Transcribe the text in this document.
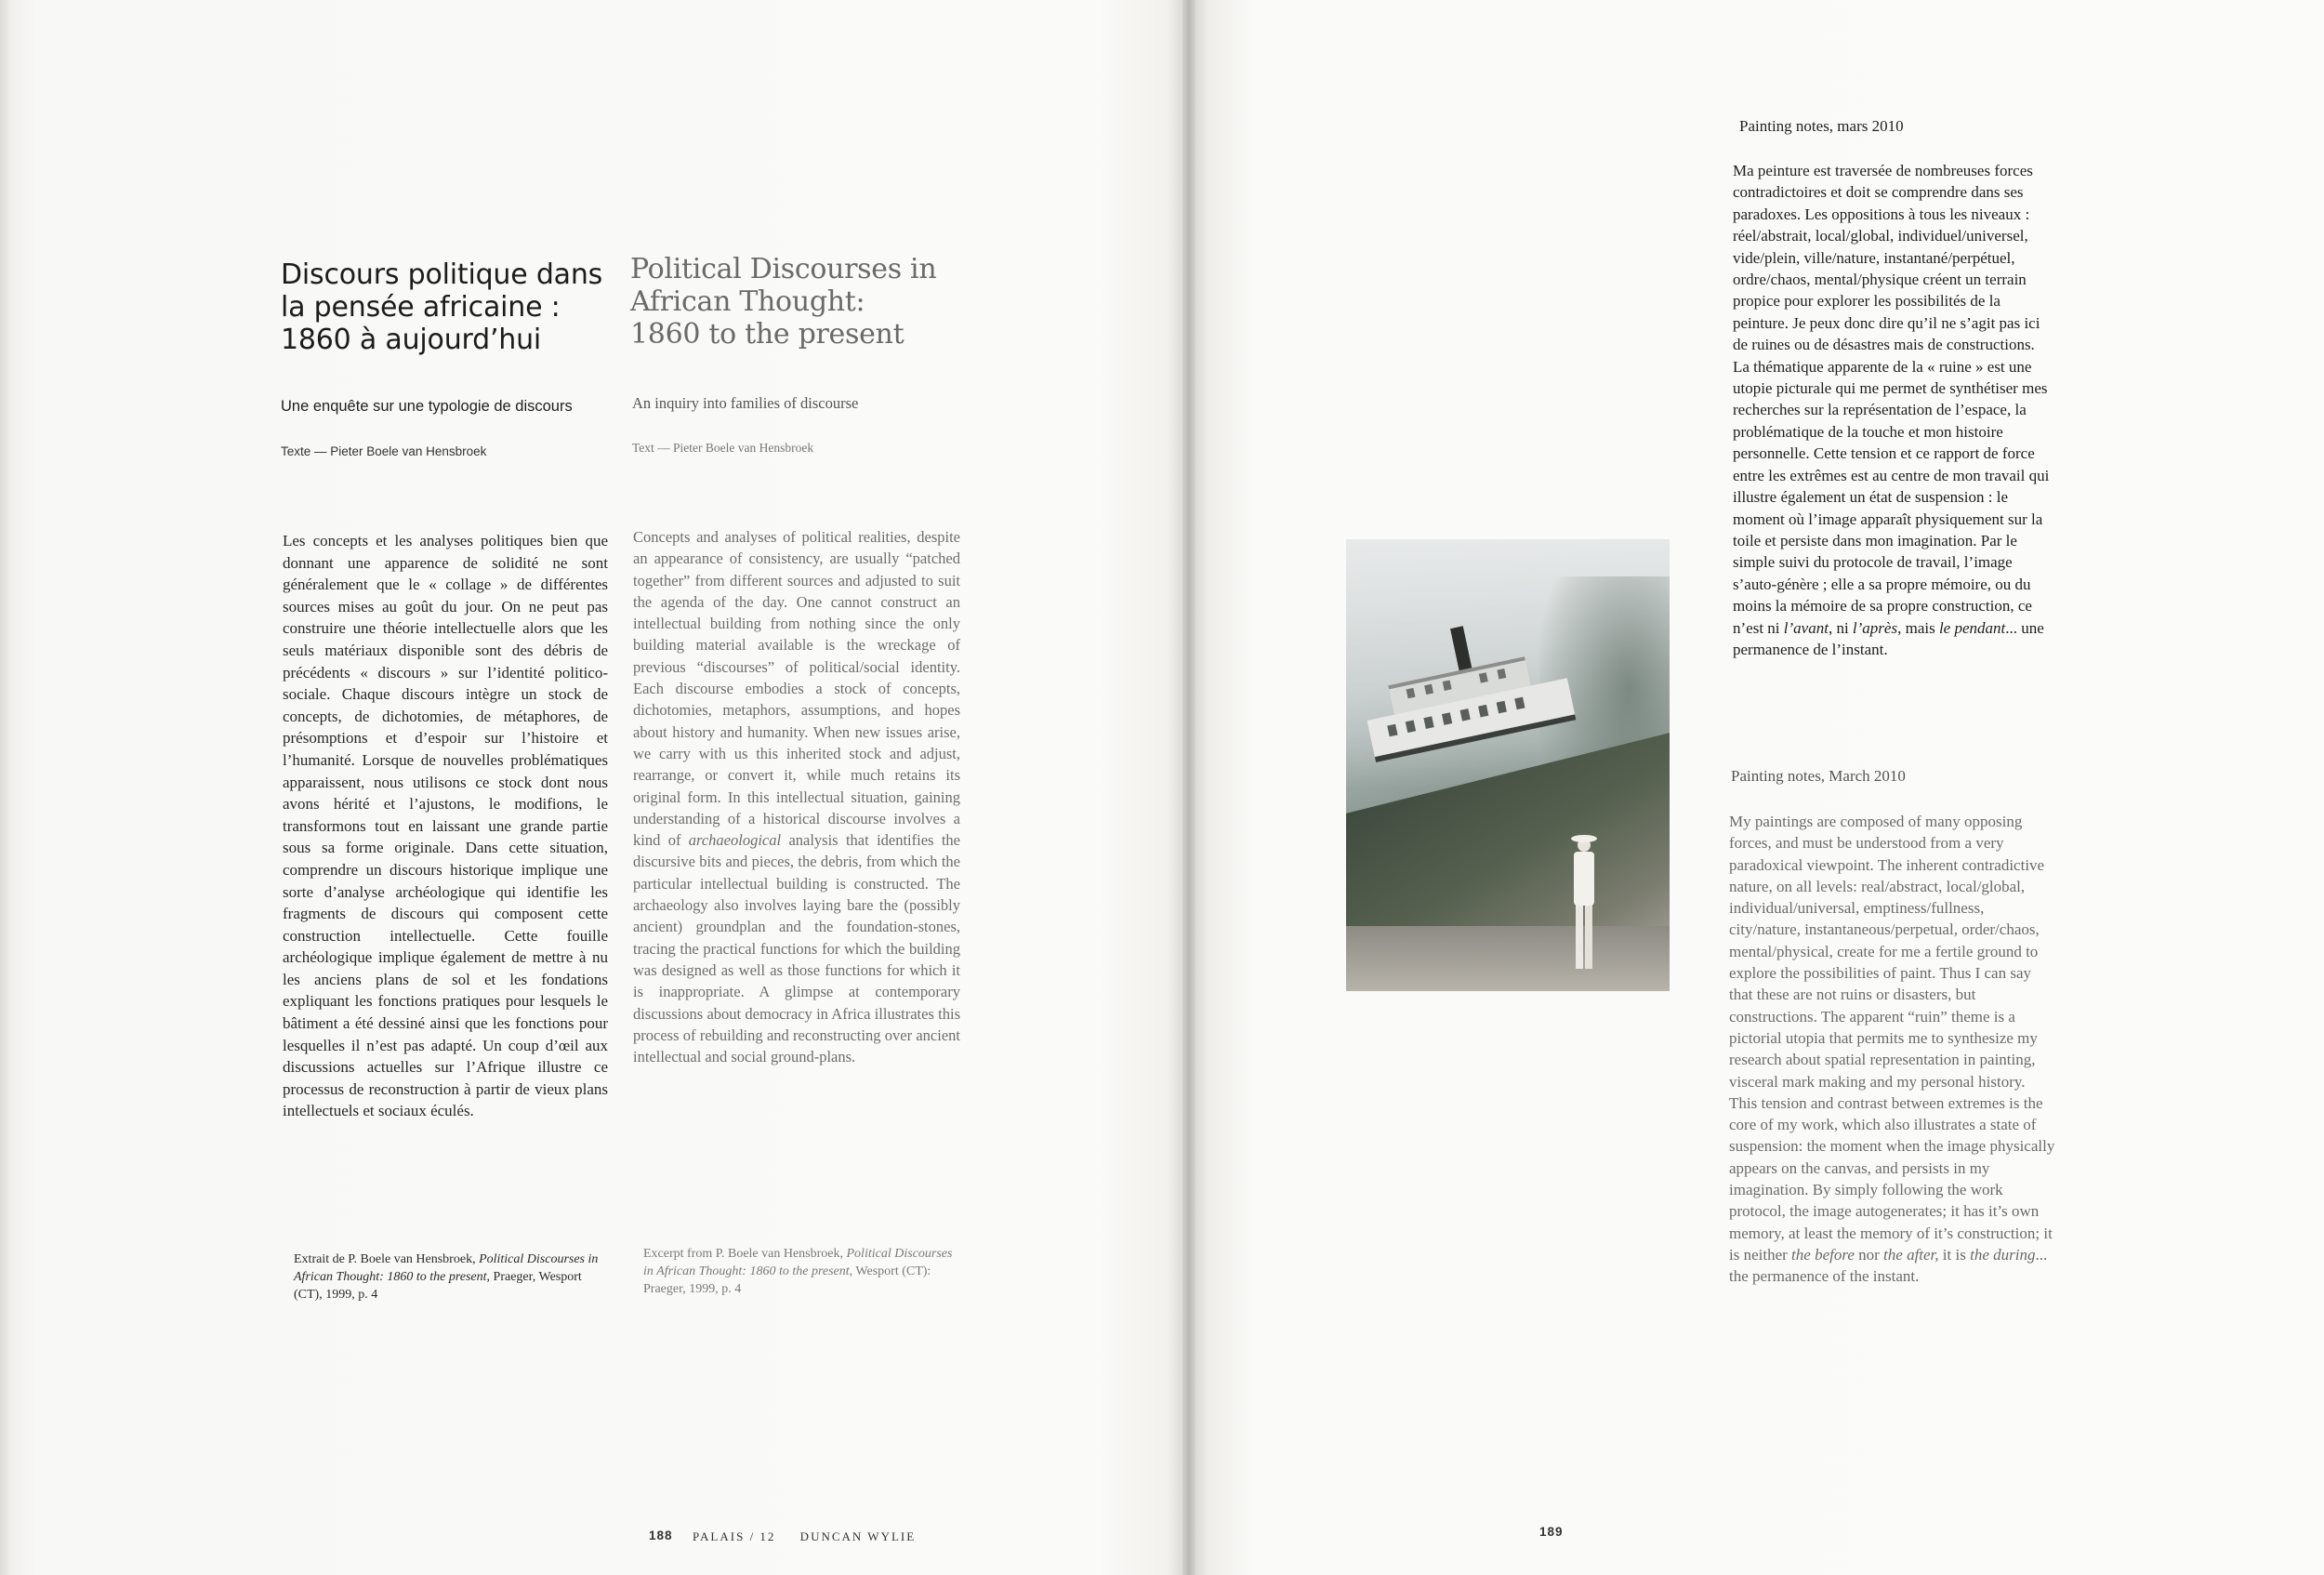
Discours politique dans
la pensée africaine :
1860 à aujourd’hui
Political Discourses in
African Thought:
1860 to the present
Une enquête sur une typologie de discours	An inquiry into families of discourse
Texte — Pieter Boele van Hensbroek	Text — Pieter Boele van Hensbroek
Les concepts et les analyses politiques bien que donnant une apparence de solidité ne sont généralement que le « collage » de différentes sources mises au goût du jour. On ne peut pas construire une théorie intellectuelle alors que les seuls matériaux disponible sont des débris de précédents « discours » sur l’identité politico-sociale. Chaque discours intègre un stock de concepts, de dichotomies, de métaphores, de présomptions et d’espoir sur l’histoire et l’humanité. Lorsque de nouvelles problématiques apparaissent, nous utilisons ce stock dont nous avons hérité et l’ajustons, le modifions, le transformons tout en laissant une grande partie sous sa forme originale. Dans cette situation, comprendre un discours historique implique une sorte d’analyse archéologique qui identifie les fragments de discours qui composent cette construction intellectuelle. Cette fouille archéologique implique également de mettre à nu les anciens plans de sol et les fondations expliquant les fonctions pratiques pour lesquels le bâtiment a été dessiné ainsi que les fonctions pour lesquelles il n’est pas adapté. Un coup d’œil aux discussions actuelles sur l’Afrique illustre ce processus de reconstruction à partir de vieux plans intellectuels et sociaux éculés.
Concepts and analyses of political realities, despite an appearance of consistency, are usually “patched together” from different sources and adjusted to suit the agenda of the day. One cannot construct an intellectual building from nothing since the only building material available is the wreckage of previous “discourses” of political/social identity. Each discourse embodies a stock of concepts, dichotomies, metaphors, assumptions, and hopes about history and humanity. When new issues arise, we carry with us this inherited stock and adjust, rearrange, or convert it, while much retains its original form. In this intellectual situation, gaining understanding of a historical discourse involves a kind of archaeological analysis that identifies the discursive bits and pieces, the debris, from which the particular intellectual building is constructed. The archaeology also involves laying bare the (possibly ancient) groundplan and the foundation-stones, tracing the practical functions for which the building was designed as well as those functions for which it is inappropriate. A glimpse at contemporary discussions about democracy in Africa illustrates this process of rebuilding and reconstructing over ancient intellectual and social ground-plans.
Extrait de P. Boele van Hensbroek, Political Discourses in African Thought: 1860 to the present, Praeger, Wesport (CT), 1999, p. 4
Excerpt from P. Boele van Hensbroek, Political Discourses in African Thought: 1860 to the present, Wesport (CT): Praeger, 1999, p. 4
188 PALAIS / 12     DUNCAN WYLIE
Painting notes, mars 2010
Ma peinture est traversée de nombreuses forces contradictoires et doit se comprendre dans ses paradoxes. Les oppositions à tous les niveaux : réel/abstrait, local/global, individuel/universel, vide/plein, ville/nature, instantané/perpétuel, ordre/chaos, mental/physique créent un terrain propice pour explorer les possibilités de la peinture. Je peux donc dire qu’il ne s’agit pas ici de ruines ou de désastres mais de constructions. La thématique apparente de la « ruine » est une utopie picturale qui me permet de synthétiser mes recherches sur la représentation de l’espace, la problématique de la touche et mon histoire personnelle. Cette tension et ce rapport de force entre les extrêmes est au centre de mon travail qui illustre également un état de suspension : le moment où l’image apparaît physiquement sur la toile et persiste dans mon imagination. Par le simple suivi du protocole de travail, l’image s’auto-génère ; elle a sa propre mémoire, ou du moins la mémoire de sa propre construction, ce n’est ni l’avant, ni l’après, mais le pendant... une permanence de l’instant.
Painting notes, March 2010
My paintings are composed of many opposing forces, and must be understood from a very paradoxical viewpoint. The inherent contradictive nature, on all levels: real/abstract, local/global, individual/universal, emptiness/fullness, city/nature, instantaneous/perpetual, order/chaos, mental/physical, create for me a fertile ground to explore the possibilities of paint. Thus I can say that these are not ruins or disasters, but constructions. The apparent “ruin” theme is a pictorial utopia that permits me to synthesize my research about spatial representation in painting, visceral mark making and my personal history.
This tension and contrast between extremes is the core of my work, which also illustrates a state of suspension: the moment when the image physically appears on the canvas, and persists in my imagination. By simply following the work protocol, the image autogenerates; it has it’s own memory, at least the memory of it’s construction; it is neither the before nor the after, it is the during... the permanence of the instant.
189
